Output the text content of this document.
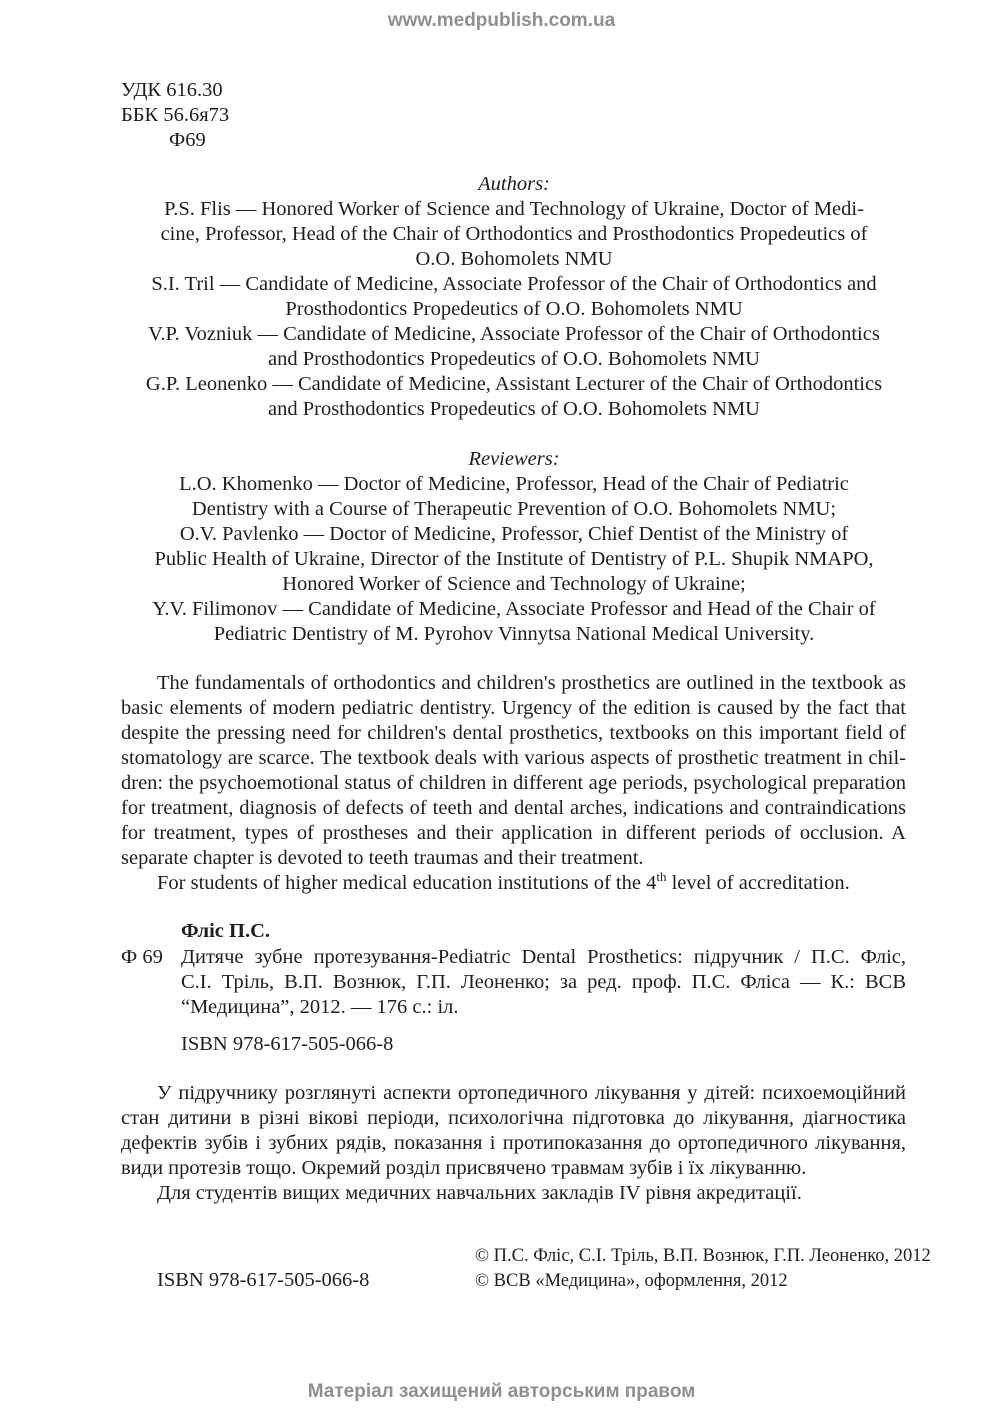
www.medpublish.com.ua
УДК 616.30
ББК 56.6я73
Ф69
Authors:
P.S. Flis — Honored Worker of Science and Technology of Ukraine, Doctor of Medi-
cine, Professor, Head of the Chair of Orthodontics and Prosthodontics Propedeutics of
O.O. Bohomolets NMU
S.I. Tril — Candidate of Medicine, Associate Professor of the Chair of Orthodontics and
Prosthodontics Propedeutics of O.O. Bohomolets NMU
V.P. Vozniuk — Candidate of Medicine, Associate Professor of the Chair of Orthodontics
and Prosthodontics Propedeutics of O.O. Bohomolets NMU
G.P. Leonenko — Candidate of Medicine, Assistant Lecturer of the Chair of Orthodontics
and Prosthodontics Propedeutics of O.O. Bohomolets NMU
Reviewers:
L.O. Khomenko — Doctor of Medicine, Professor, Head of the Chair of Pediatric
Dentistry with a Course of Therapeutic Prevention of O.O. Bohomolets NMU;
O.V. Pavlenko — Doctor of Medicine, Professor, Chief Dentist of the Ministry of
Public Health of Ukraine, Director of the Institute of Dentistry of P.L. Shupik NMAPO,
Honored Worker of Science and Technology of Ukraine;
Y.V. Filimonov — Candidate of Medicine, Associate Professor and Head of the Chair of
Pediatric Dentistry of M. Pyrohov Vinnytsa National Medical University.
The fundamentals of orthodontics and children's prosthetics are outlined in the textbook as
basic elements of modern pediatric dentistry. Urgency of the edition is caused by the fact that
despite the pressing need for children's dental prosthetics, textbooks on this important field of
stomatology are scarce. The textbook deals with various aspects of prosthetic treatment in chil-
dren: the psychoemotional status of children in different age periods, psychological preparation
for treatment, diagnosis of defects of teeth and dental arches, indications and contraindications
for treatment, types of prostheses and their application in different periods of occlusion. A
separate chapter is devoted to teeth traumas and their treatment.
For students of higher medical education institutions of the 4th level of accreditation.
Фліс П.С.
Ф 69 Дитяче зубне протезування-Pediatric Dental Prosthetics: підручник / П.С. Фліс,
С.І. Тріль, В.П. Вознюк, Г.П. Леоненко; за ред. проф. П.С. Фліса — К.: ВСВ
“Медицина”, 2012. — 176 с.: іл.
ISBN 978-617-505-066-8
У підручнику розглянуті аспекти ортопедичного лікування у дітей: психоемоційний
стан дитини в різні вікові періоди, психологічна підготовка до лікування, діагностика
дефектів зубів і зубних рядів, показання і протипоказання до ортопедичного лікування,
види протезів тощо. Окремий розділ присвячено травмам зубів і їх лікуванню.
Для студентів вищих медичних навчальних закладів IV рівня акредитації.
ISBN 978-617-505-066-8
© П.С. Фліс, С.І. Тріль, В.П. Вознюк, Г.П. Леоненко, 2012
© ВСВ «Медицина», оформлення, 2012
Матеріал захищений авторським правом
